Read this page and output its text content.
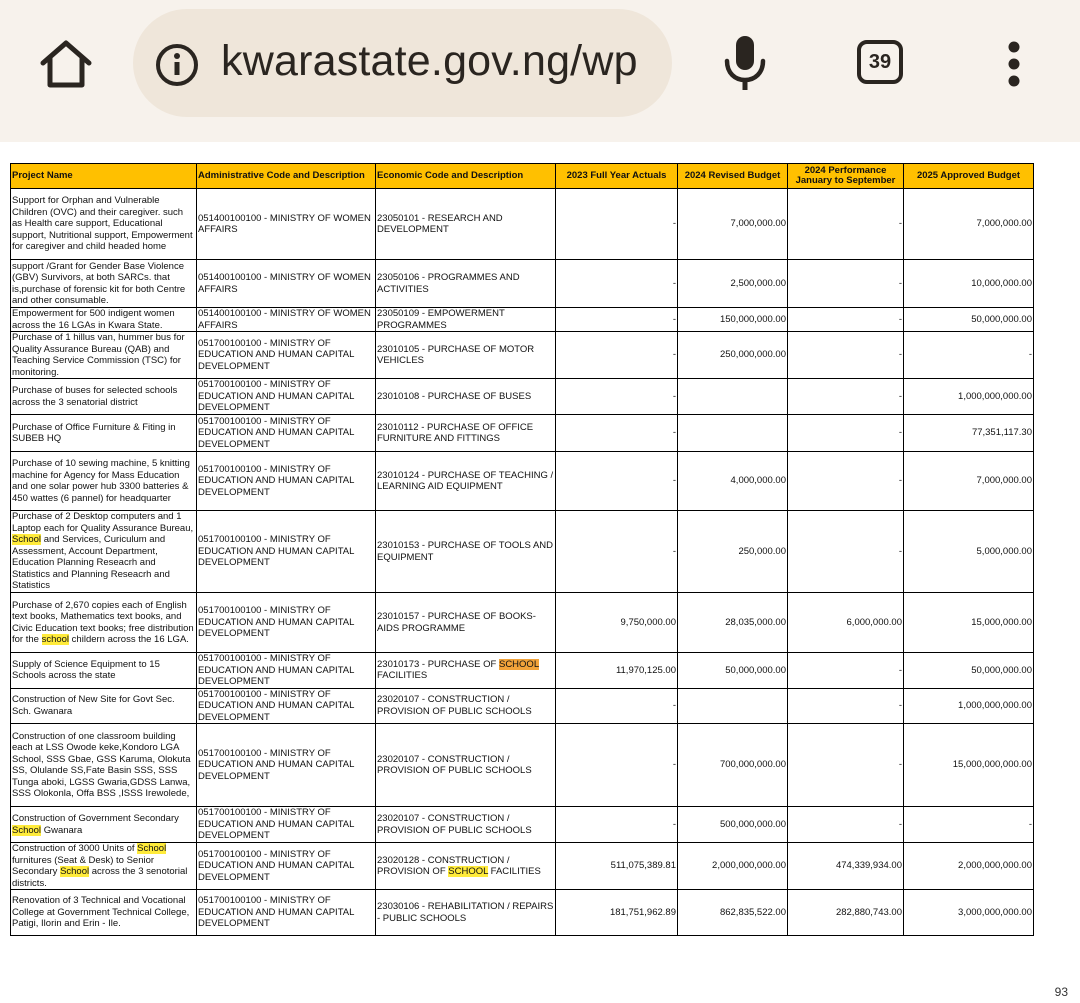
kwarastate.gov.ng/wp	39
Project Name	Administrative Code and Description	Economic Code and Description	2023 Full Year Actuals	2024 Revised Budget	2024 Performance January to September	2025 Approved Budget
Support for Orphan and Vulnerable Children (OVC) and their caregiver. such as Health care support, Educational support, Nutritional support, Empowerment for caregiver and child headed home	051400100100 - MINISTRY OF WOMEN AFFAIRS	23050101 - RESEARCH AND DEVELOPMENT	-	7,000,000.00	-	7,000,000.00
support /Grant for Gender Base Violence (GBV) Survivors, at both SARCs. that is,purchase of forensic kit for both Centre and other consumable.	051400100100 - MINISTRY OF WOMEN AFFAIRS	23050106 - PROGRAMMES AND ACTIVITIES	-	2,500,000.00	-	10,000,000.00
Empowerment for 500 indigent women across the 16 LGAs in Kwara State.	051400100100 - MINISTRY OF WOMEN AFFAIRS	23050109 - EMPOWERMENT PROGRAMMES	-	150,000,000.00	-	50,000,000.00
Purchase of 1 hillus van, hummer bus for Quality Assurance Bureau (QAB) and Teaching Service Commission (TSC) for monitoring.	051700100100 - MINISTRY OF EDUCATION AND HUMAN CAPITAL DEVELOPMENT	23010105 - PURCHASE OF MOTOR VEHICLES	-	250,000,000.00	-	-
Purchase of buses for selected schools across the 3 senatorial district	051700100100 - MINISTRY OF EDUCATION AND HUMAN CAPITAL DEVELOPMENT	23010108 - PURCHASE OF BUSES	-		-	1,000,000,000.00
Purchase of Office Furniture & Fiting in SUBEB HQ	051700100100 - MINISTRY OF EDUCATION AND HUMAN CAPITAL DEVELOPMENT	23010112 - PURCHASE OF OFFICE FURNITURE AND FITTINGS	-		-	77,351,117.30
Purchase of 10 sewing machine, 5 knitting machine for Agency for Mass Education and one solar power hub 3300 batteries & 450 wattes (6 pannel) for headquarter	051700100100 - MINISTRY OF EDUCATION AND HUMAN CAPITAL DEVELOPMENT	23010124 - PURCHASE OF TEACHING / LEARNING AID EQUIPMENT	-	4,000,000.00	-	7,000,000.00
Purchase of 2 Desktop computers and 1 Laptop each for Quality Assurance Bureau, School and Services, Curiculum and Assessment, Account Department, Education Planning Reseacrh and Statistics and Planning Reseacrh and Statistics	051700100100 - MINISTRY OF EDUCATION AND HUMAN CAPITAL DEVELOPMENT	23010153 - PURCHASE OF TOOLS AND EQUIPMENT	-	250,000.00	-	5,000,000.00
Purchase of 2,670 copies each of English text books, Mathematics text books, and Civic Education text books; free distribution for the school childern across the 16 LGA.	051700100100 - MINISTRY OF EDUCATION AND HUMAN CAPITAL DEVELOPMENT	23010157 - PURCHASE OF BOOKS-AIDS PROGRAMME	9,750,000.00	28,035,000.00	6,000,000.00	15,000,000.00
Supply of Science Equipment to 15 Schools across the state	051700100100 - MINISTRY OF EDUCATION AND HUMAN CAPITAL DEVELOPMENT	23010173 - PURCHASE OF SCHOOL FACILITIES	11,970,125.00	50,000,000.00	-	50,000,000.00
Construction of New Site for Govt Sec. Sch. Gwanara	051700100100 - MINISTRY OF EDUCATION AND HUMAN CAPITAL DEVELOPMENT	23020107 - CONSTRUCTION / PROVISION OF PUBLIC SCHOOLS	-		-	1,000,000,000.00
Construction of one classroom building each at LSS Owode keke,Kondoro LGA School, SSS Gbae, GSS Karuma, Olokuta SS, Olulande SS,Fate Basin SSS, SSS Tunga aboki, LGSS Gwaria,GDSS Lanwa, SSS Olokonla, Offa BSS ,ISSS Irewolede,	051700100100 - MINISTRY OF EDUCATION AND HUMAN CAPITAL DEVELOPMENT	23020107 - CONSTRUCTION / PROVISION OF PUBLIC SCHOOLS	-	700,000,000.00	-	15,000,000,000.00
Construction of Government Secondary School Gwanara	051700100100 - MINISTRY OF EDUCATION AND HUMAN CAPITAL DEVELOPMENT	23020107 - CONSTRUCTION / PROVISION OF PUBLIC SCHOOLS	-	500,000,000.00	-	-
Construction of 3000 Units of School furnitures (Seat & Desk) to Senior Secondary School across the 3 senotorial districts.	051700100100 - MINISTRY OF EDUCATION AND HUMAN CAPITAL DEVELOPMENT	23020128 - CONSTRUCTION / PROVISION OF SCHOOL FACILITIES	511,075,389.81	2,000,000,000.00	474,339,934.00	2,000,000,000.00
Renovation of 3 Technical and Vocational College at Government Technical College, Patigi, Ilorin and Erin - Ile.	051700100100 - MINISTRY OF EDUCATION AND HUMAN CAPITAL DEVELOPMENT	23030106 - REHABILITATION / REPAIRS - PUBLIC SCHOOLS	181,751,962.89	862,835,522.00	282,880,743.00	3,000,000,000.00
93
